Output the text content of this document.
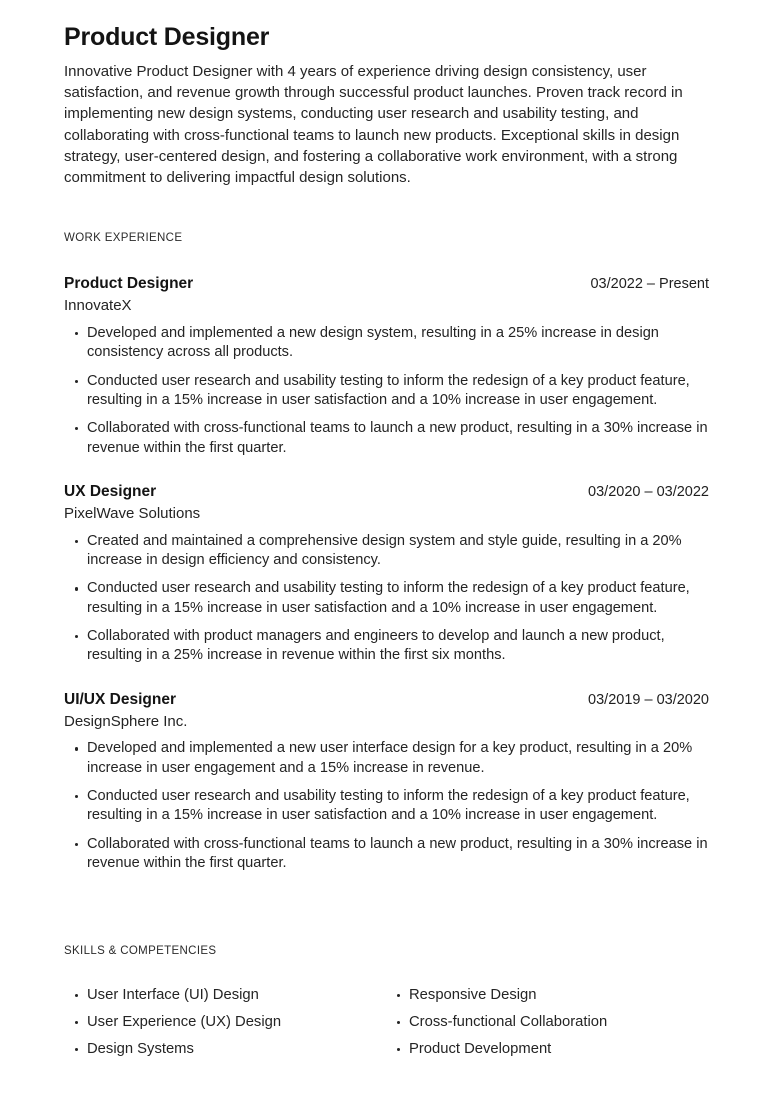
Product Designer

Innovative Product Designer with 4 years of experience driving design consistency, user satisfaction, and revenue growth through successful product launches. Proven track record in implementing new design systems, conducting user research and usability testing, and collaborating with cross-functional teams to launch new products. Exceptional skills in design strategy, user-centered design, and fostering a collaborative work environment, with a strong commitment to delivering impactful design solutions.

WORK EXPERIENCE
Product Designer	03/2022 – Present
InnovateX
Developed and implemented a new design system, resulting in a 25% increase in design consistency across all products.
Conducted user research and usability testing to inform the redesign of a key product feature, resulting in a 15% increase in user satisfaction and a 10% increase in user engagement.
Collaborated with cross-functional teams to launch a new product, resulting in a 30% increase in revenue within the first quarter.
UX Designer	03/2020 – 03/2022
PixelWave Solutions
Created and maintained a comprehensive design system and style guide, resulting in a 20% increase in design efficiency and consistency.
Conducted user research and usability testing to inform the redesign of a key product feature, resulting in a 15% increase in user satisfaction and a 10% increase in user engagement.
Collaborated with product managers and engineers to develop and launch a new product, resulting in a 25% increase in revenue within the first six months.
UI/UX Designer	03/2019 – 03/2020
DesignSphere Inc.
Developed and implemented a new user interface design for a key product, resulting in a 20% increase in user engagement and a 15% increase in revenue.
Conducted user research and usability testing to inform the redesign of a key product feature, resulting in a 15% increase in user satisfaction and a 10% increase in user engagement.
Collaborated with cross-functional teams to launch a new product, resulting in a 30% increase in revenue within the first quarter.
SKILLS & COMPETENCIES
User Interface (UI) Design
User Experience (UX) Design
Design Systems
Responsive Design
Cross-functional Collaboration
Product Development
